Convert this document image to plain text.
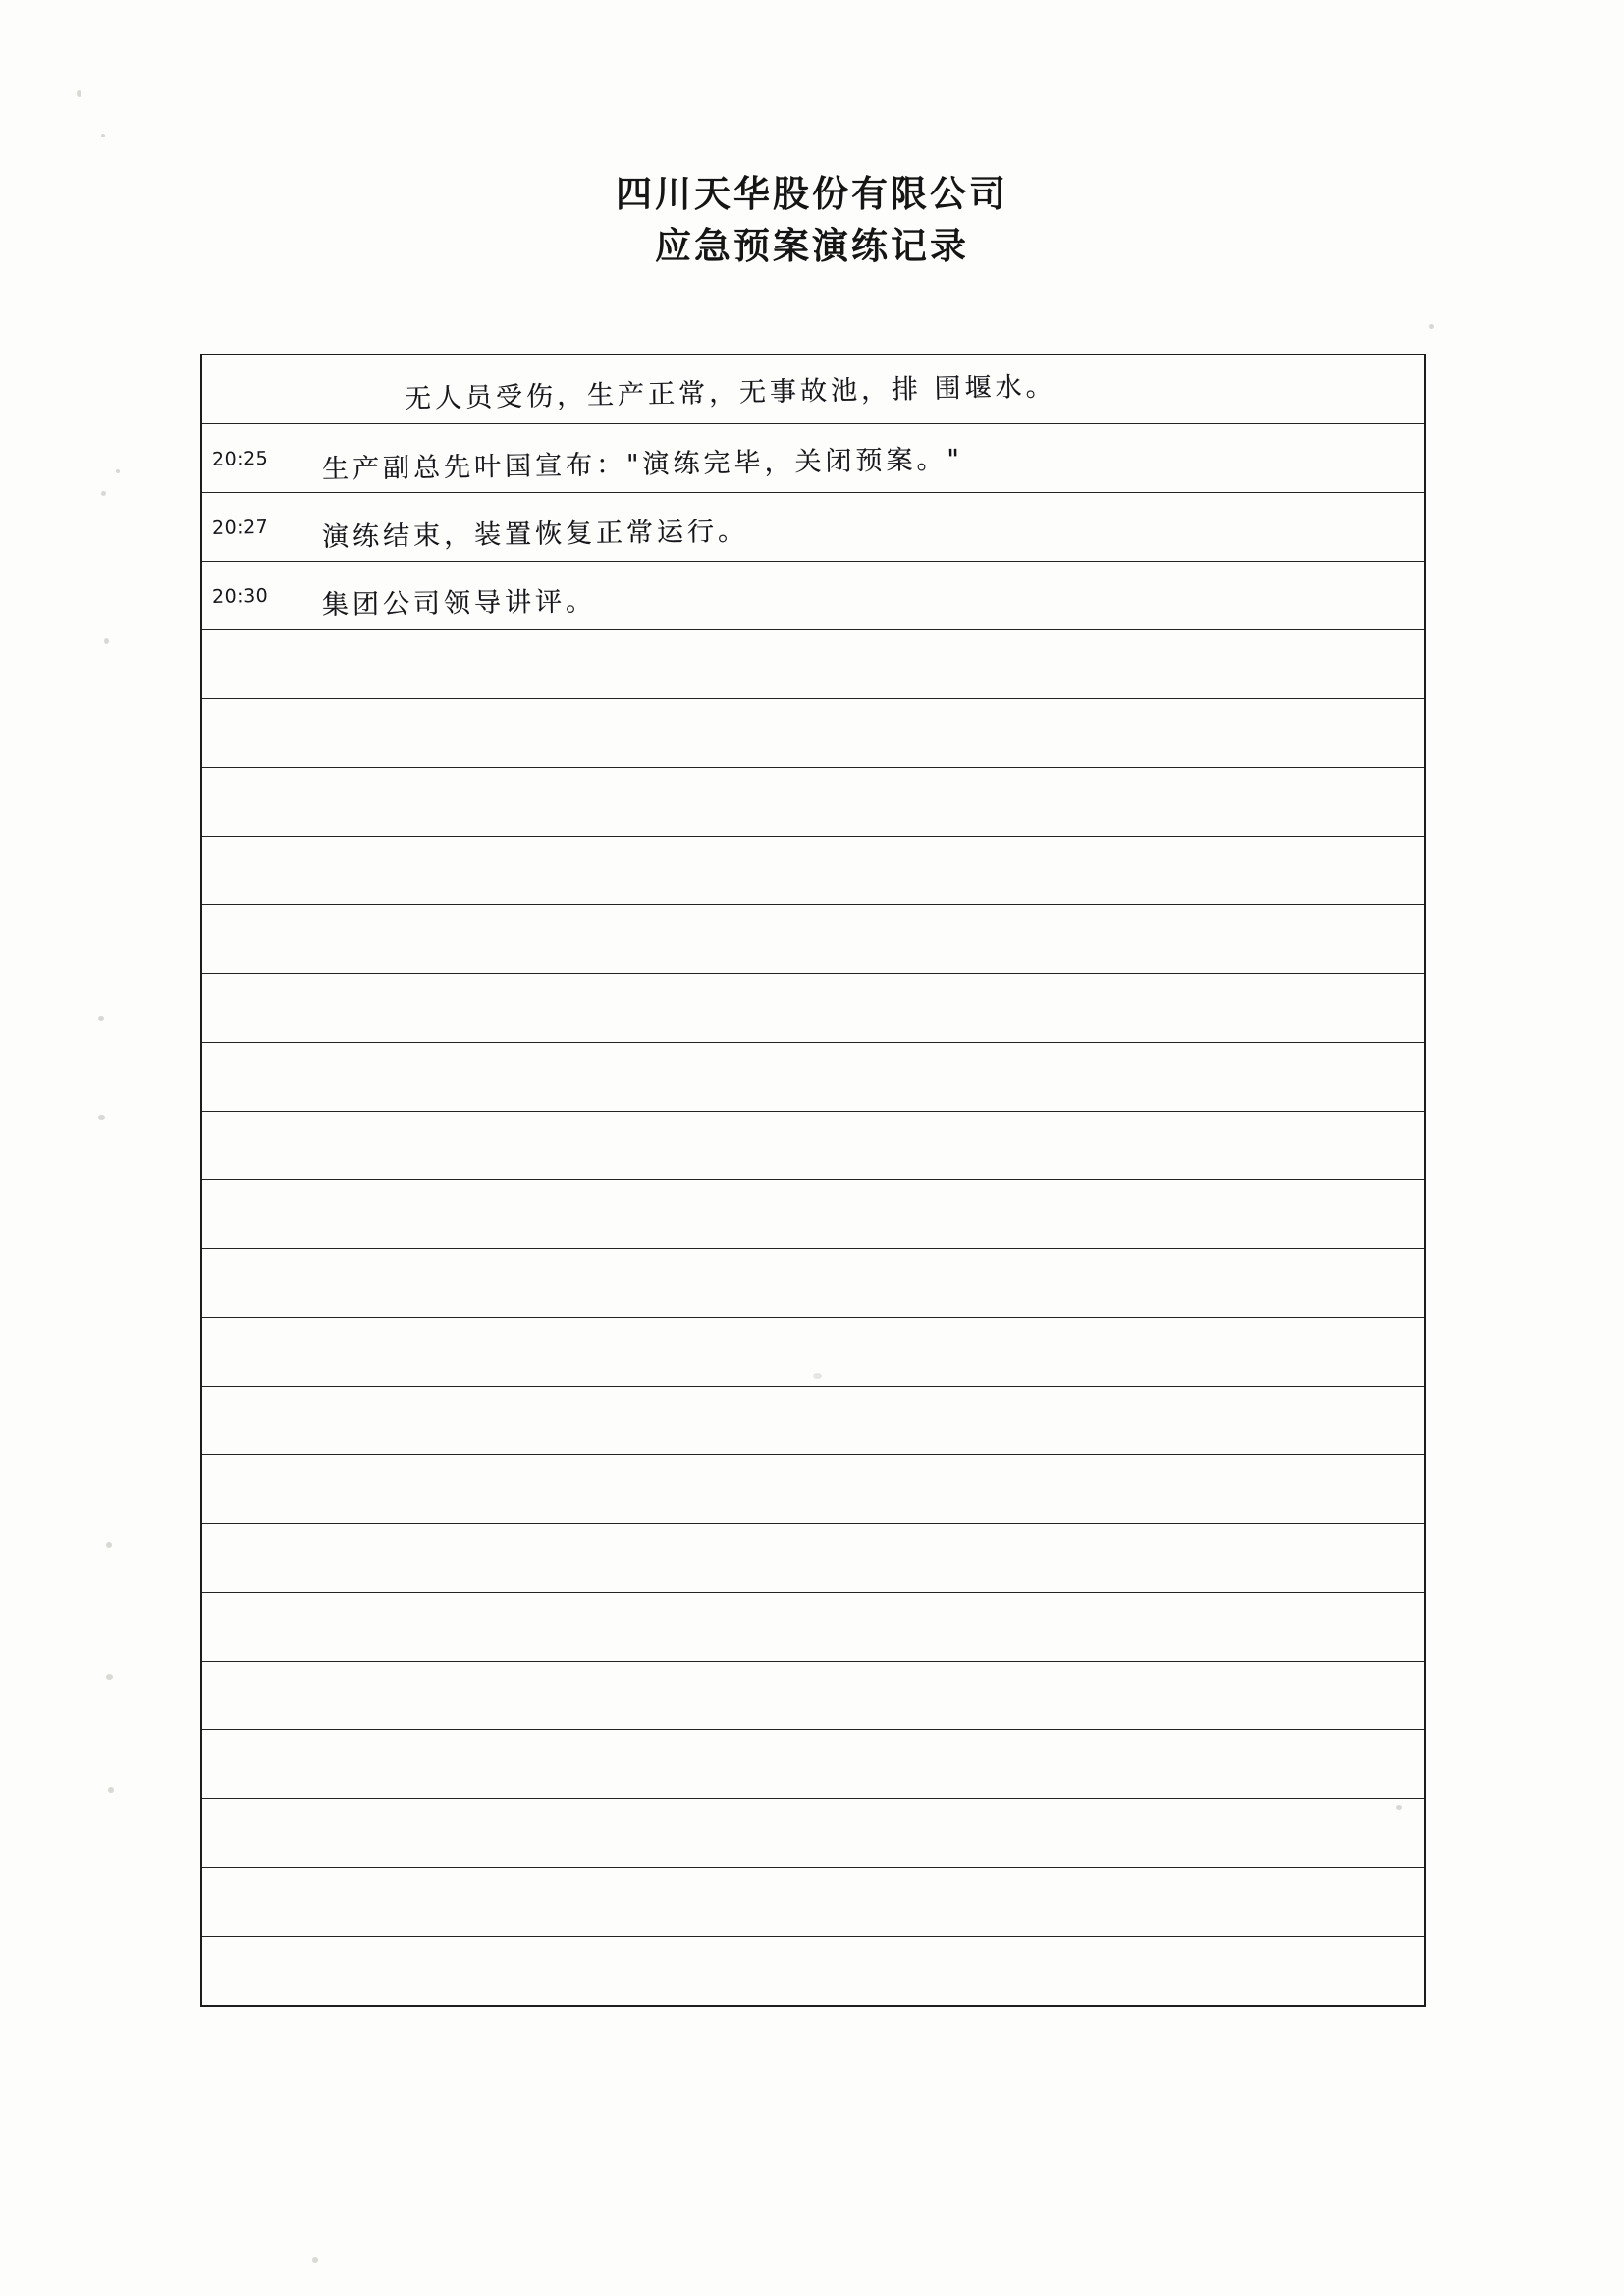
四川天华股份有限公司
应急预案演练记录
无人员受伤，生产正常，无事故池，排 围堰水。
20:25	生产副总先叶国宣布："演练完毕，关闭预案。"
20:27	演练结束，装置恢复正常运行。
20:30	集团公司领导讲评。
